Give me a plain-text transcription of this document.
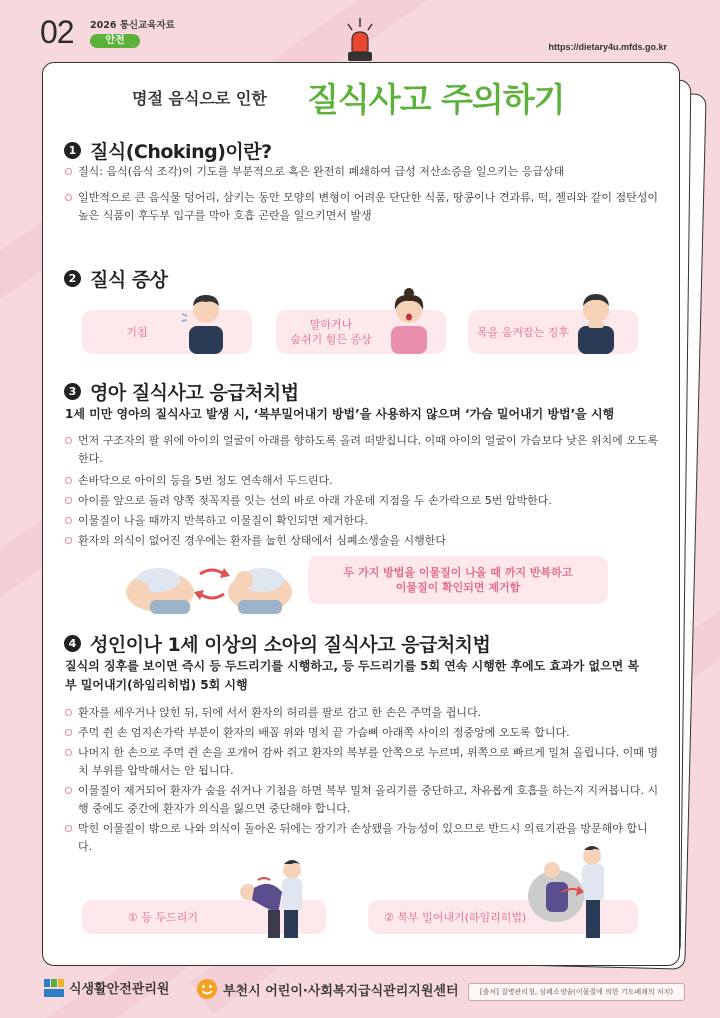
02 2026 통신교육자료
안전
https://dietary4u.mfds.go.kr
명절 음식으로 인한 질식사고 주의하기
1 질식(Choking)이란?
질식: 음식(음식 조각)이 기도를 부분적으로 혹은 완전히 폐쇄하여 급성 저산소증을 일으키는 응급상태
일반적으로 큰 음식물 덩어리, 삼키는 동안 모양의 변형이 어려운 단단한 식품, 땅콩이나 견과류, 떡, 젤리와 같이 점탄성이 높은 식품이 후두부 입구를 막아 호흡 곤란을 일으키면서 발생
2 질식 증상
기침
말하거나
숨쉬기 힘든 증상
목을 움켜잡는 징후
3 영아 질식사고 응급처치법
1세 미만 영아의 질식사고 발생 시, ‘복부밀어내기 방법’을 사용하지 않으며 ‘가슴 밀어내기 방법’을 시행
먼저 구조자의 팔 위에 아이의 얼굴이 아래를 향하도록 올려 떠받칩니다. 이때 아이의 얼굴이 가슴보다 낮은 위치에 오도록 한다.
손바닥으로 아이의 등을 5번 정도 연속해서 두드린다.
아이를 앞으로 돌려 양쪽 젖꼭지를 잇는 선의 바로 아래 가운데 지점을 두 손가락으로 5번 압박한다.
이물질이 나올 때까지 반복하고 이물질이 확인되면 제거한다.
환자의 의식이 없어진 경우에는 환자를 눕힌 상태에서 심폐소생술을 시행한다
두 가지 방법을 이물질이 나올 때 까지 반복하고
이물질이 확인되면 제거함
4 성인이나 1세 이상의 소아의 질식사고 응급처치법
질식의 징후를 보이면 즉시 등 두드리기를 시행하고, 등 두드리기를 5회 연속 시행한 후에도 효과가 없으면 복부 밀어내기(하임리히법) 5회 시행
환자를 세우거나 앉힌 뒤, 뒤에 서서 환자의 허리를 팔로 감고 한 손은 주먹을 쥡니다.
주먹 쥔 손 엄지손가락 부분이 환자의 배꼽 위와 명치 끝 가슴뼈 아래쪽 사이의 정중앙에 오도록 합니다.
나머지 한 손으로 주먹 쥔 손을 포개어 감싸 쥐고 환자의 복부를 안쪽으로 누르며, 위쪽으로 빠르게 밀쳐 올립니다. 이때 명치 부위를 압박해서는 안 됩니다.
이물질이 제거되어 환자가 숨을 쉬거나 기침을 하면 복부 밀쳐 올리기를 중단하고, 자유롭게 호흡을 하는지 지켜봅니다. 시행 중에도 중간에 환자가 의식을 잃으면 중단해야 합니다.
막힌 이물질이 밖으로 나와 의식이 돌아온 뒤에는 장기가 손상됐을 가능성이 있으므로 반드시 의료기관을 방문해야 합니다.
① 등 두드리기	② 복부 밀어내기(하임리히법)
식생활안전관리원	부천시 어린이·사회복지급식관리지원센터	[출처] 질병관리청, 심폐소생술(이물질에 의한 기도폐쇄의 처치)
